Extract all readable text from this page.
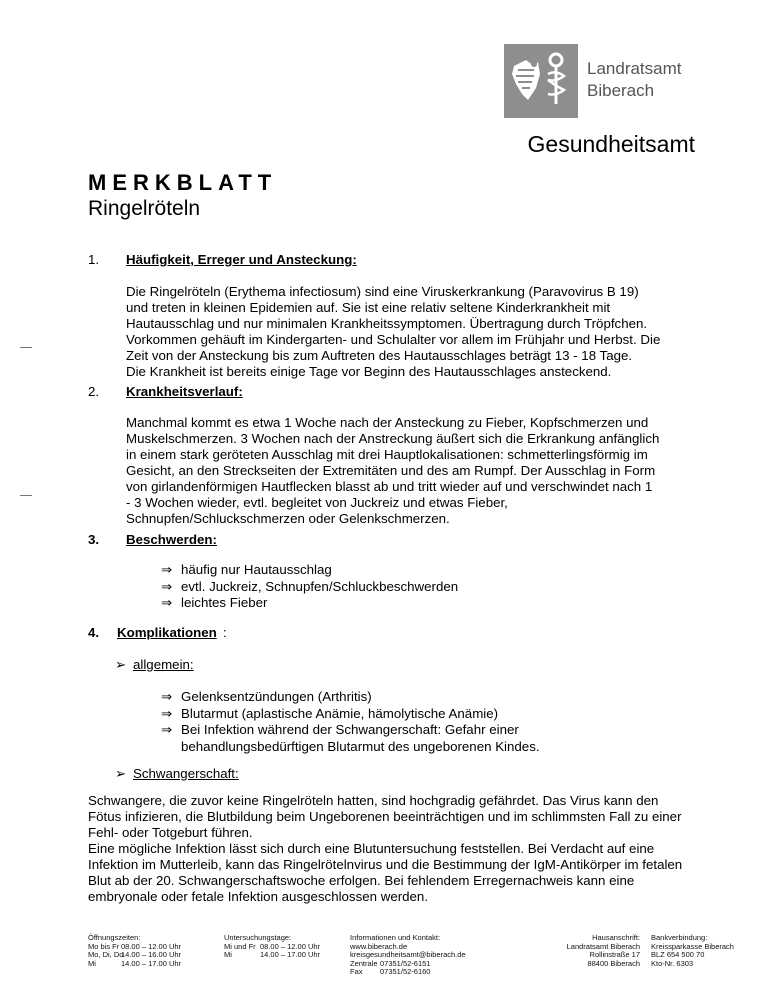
Landratsamt
Biberach
Gesundheitsamt
MERKBLATT
Ringelröteln
1. Häufigkeit, Erreger und Ansteckung:
Die Ringelröteln (Erythema infectiosum) sind eine Viruskerkrankung (Paravovirus B 19)
und treten in kleinen Epidemien auf. Sie ist eine relativ seltene Kinderkrankheit mit
Hautausschlag und nur minimalen Krankheitssymptomen. Übertragung durch Tröpfchen.
Vorkommen gehäuft im Kindergarten- und Schulalter vor allem im Frühjahr und Herbst. Die
Zeit von der Ansteckung bis zum Auftreten des Hautausschlages beträgt 13 - 18 Tage.
Die Krankheit ist bereits einige Tage vor Beginn des Hautausschlages ansteckend.
2. Krankheitsverlauf:
Manchmal kommt es etwa 1 Woche nach der Ansteckung zu Fieber, Kopfschmerzen und
Muskelschmerzen. 3 Wochen nach der Anstreckung äußert sich die Erkrankung anfänglich
in einem stark geröteten Ausschlag mit drei Hauptlokalisationen: schmetterlingsförmig im
Gesicht, an den Streckseiten der Extremitäten und des am Rumpf. Der Ausschlag in Form
von girlandenförmigen Hautflecken blasst ab und tritt wieder auf und verschwindet nach 1
- 3 Wochen wieder, evtl. begleitet von Juckreiz und etwas Fieber,
Schnupfen/Schluckschmerzen oder Gelenkschmerzen.
3. Beschwerden:
⇒ häufig nur Hautausschlag
⇒ evtl. Juckreiz, Schnupfen/Schluckbeschwerden
⇒ leichtes Fieber
4. Komplikationen :
➢ allgemein:
⇒ Gelenksentzündungen (Arthritis)
⇒ Blutarmut (aplastische Anämie, hämolytische Anämie)
⇒ Bei Infektion während der Schwangerschaft: Gefahr einer behandlungsbedürftigen Blutarmut des ungeborenen Kindes.
➢ Schwangerschaft:
Schwangere, die zuvor keine Ringelröteln hatten, sind hochgradig gefährdet. Das Virus kann den
Fötus infizieren, die Blutbildung beim Ungeborenen beeinträchtigen und im schlimmsten Fall zu einer
Fehl- oder Totgeburt führen.
Eine mögliche Infektion lässt sich durch eine Blutuntersuchung feststellen. Bei Verdacht auf eine
Infektion im Mutterleib, kann das Ringelrötelnvirus und die Bestimmung der IgM-Antikörper im fetalen
Blut ab der 20. Schwangerschaftswoche erfolgen. Bei fehlendem Erregernachweis kann eine
embryonale oder fetale Infektion ausgeschlossen werden.
Öffnungszeiten:
Mo bis Fr 08.00 – 12.00 Uhr
Mo, Di, Do14.00 – 16.00 Uhr
Mi	14.00 – 17.00 Uhr
Untersuchungstage:
Mi und Fr 08.00 – 12.00 Uhr
Mi	14.00 – 17.00 Uhr
Informationen und Kontakt:
www.biberach.de
kreisgesundheitsamt@biberach.de
Zentrale 07351/52-6151
Fax 07351/52-6160
Hausanschrift:
Landratsamt Biberach
Rollinstraße 17
88400 Biberach
Bankverbindung:
Kreissparkasse Biberach
BLZ 654 500 70
Kto-Nr. 6303
